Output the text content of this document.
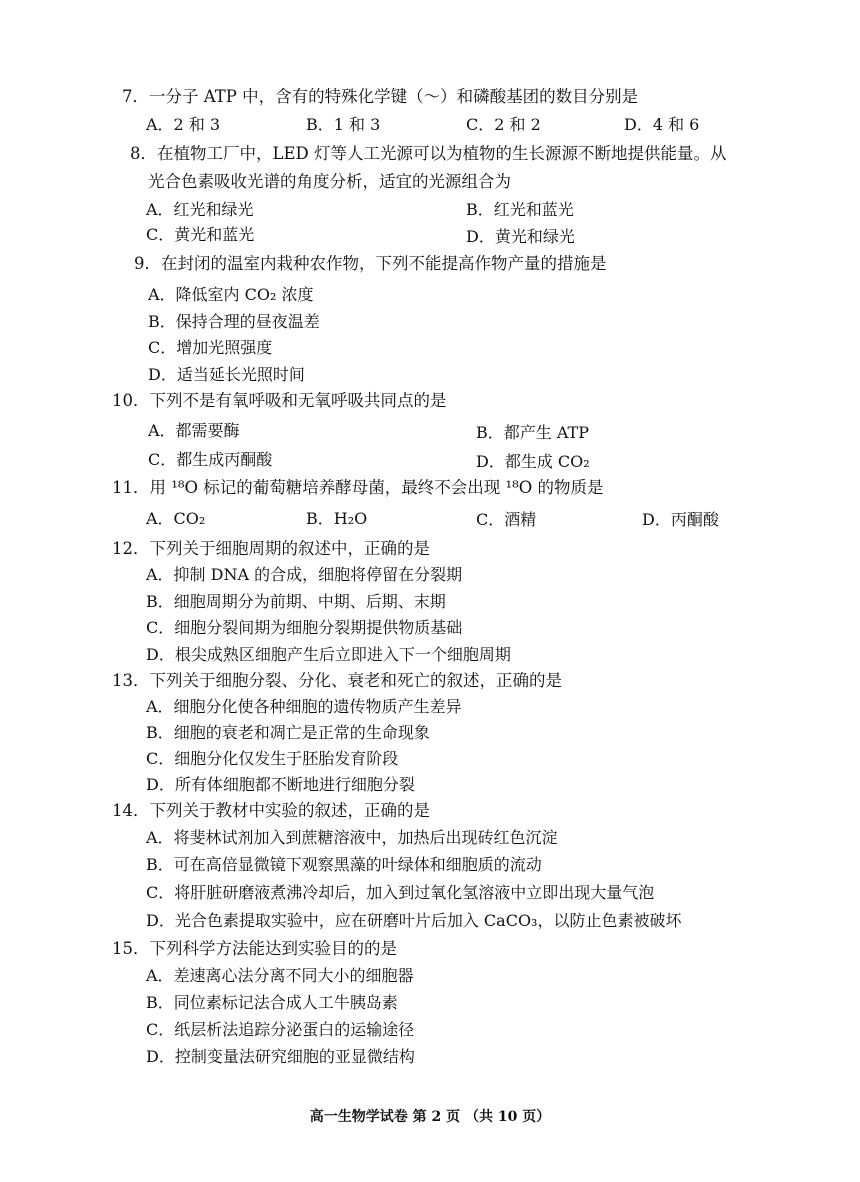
7．一分子 ATP 中，含有的特殊化学键（～）和磷酸基团的数目分别是
A．2 和 3	B．1 和 3	C．2 和 2	D．4 和 6
8．在植物工厂中，LED 灯等人工光源可以为植物的生长源源不断地提供能量。从
光合色素吸收光谱的角度分析，适宜的光源组合为
A．红光和绿光	B．红光和蓝光
C．黄光和蓝光	D．黄光和绿光
9．在封闭的温室内栽种农作物，下列不能提高作物产量的措施是
A．降低室内 CO₂ 浓度
B．保持合理的昼夜温差
C．增加光照强度
D．适当延长光照时间
10．下列不是有氧呼吸和无氧呼吸共同点的是
A．都需要酶	B．都产生 ATP
C．都生成丙酮酸	D．都生成 CO₂
11．用 ¹⁸O 标记的葡萄糖培养酵母菌，最终不会出现 ¹⁸O 的物质是
A．CO₂	B．H₂O	C．酒精	D．丙酮酸
12．下列关于细胞周期的叙述中，正确的是
A．抑制 DNA 的合成，细胞将停留在分裂期
B．细胞周期分为前期、中期、后期、末期
C．细胞分裂间期为细胞分裂期提供物质基础
D．根尖成熟区细胞产生后立即进入下一个细胞周期
13．下列关于细胞分裂、分化、衰老和死亡的叙述，正确的是
A．细胞分化使各种细胞的遗传物质产生差异
B．细胞的衰老和凋亡是正常的生命现象
C．细胞分化仅发生于胚胎发育阶段
D．所有体细胞都不断地进行细胞分裂
14．下列关于教材中实验的叙述，正确的是
A．将斐林试剂加入到蔗糖溶液中，加热后出现砖红色沉淀
B．可在高倍显微镜下观察黑藻的叶绿体和细胞质的流动
C．将肝脏研磨液煮沸冷却后，加入到过氧化氢溶液中立即出现大量气泡
D．光合色素提取实验中，应在研磨叶片后加入 CaCO₃，以防止色素被破坏
15．下列科学方法能达到实验目的的是
A．差速离心法分离不同大小的细胞器
B．同位素标记法合成人工牛胰岛素
C．纸层析法追踪分泌蛋白的运输途径
D．控制变量法研究细胞的亚显微结构
高一生物学试卷 第 2 页 （共 10 页）
